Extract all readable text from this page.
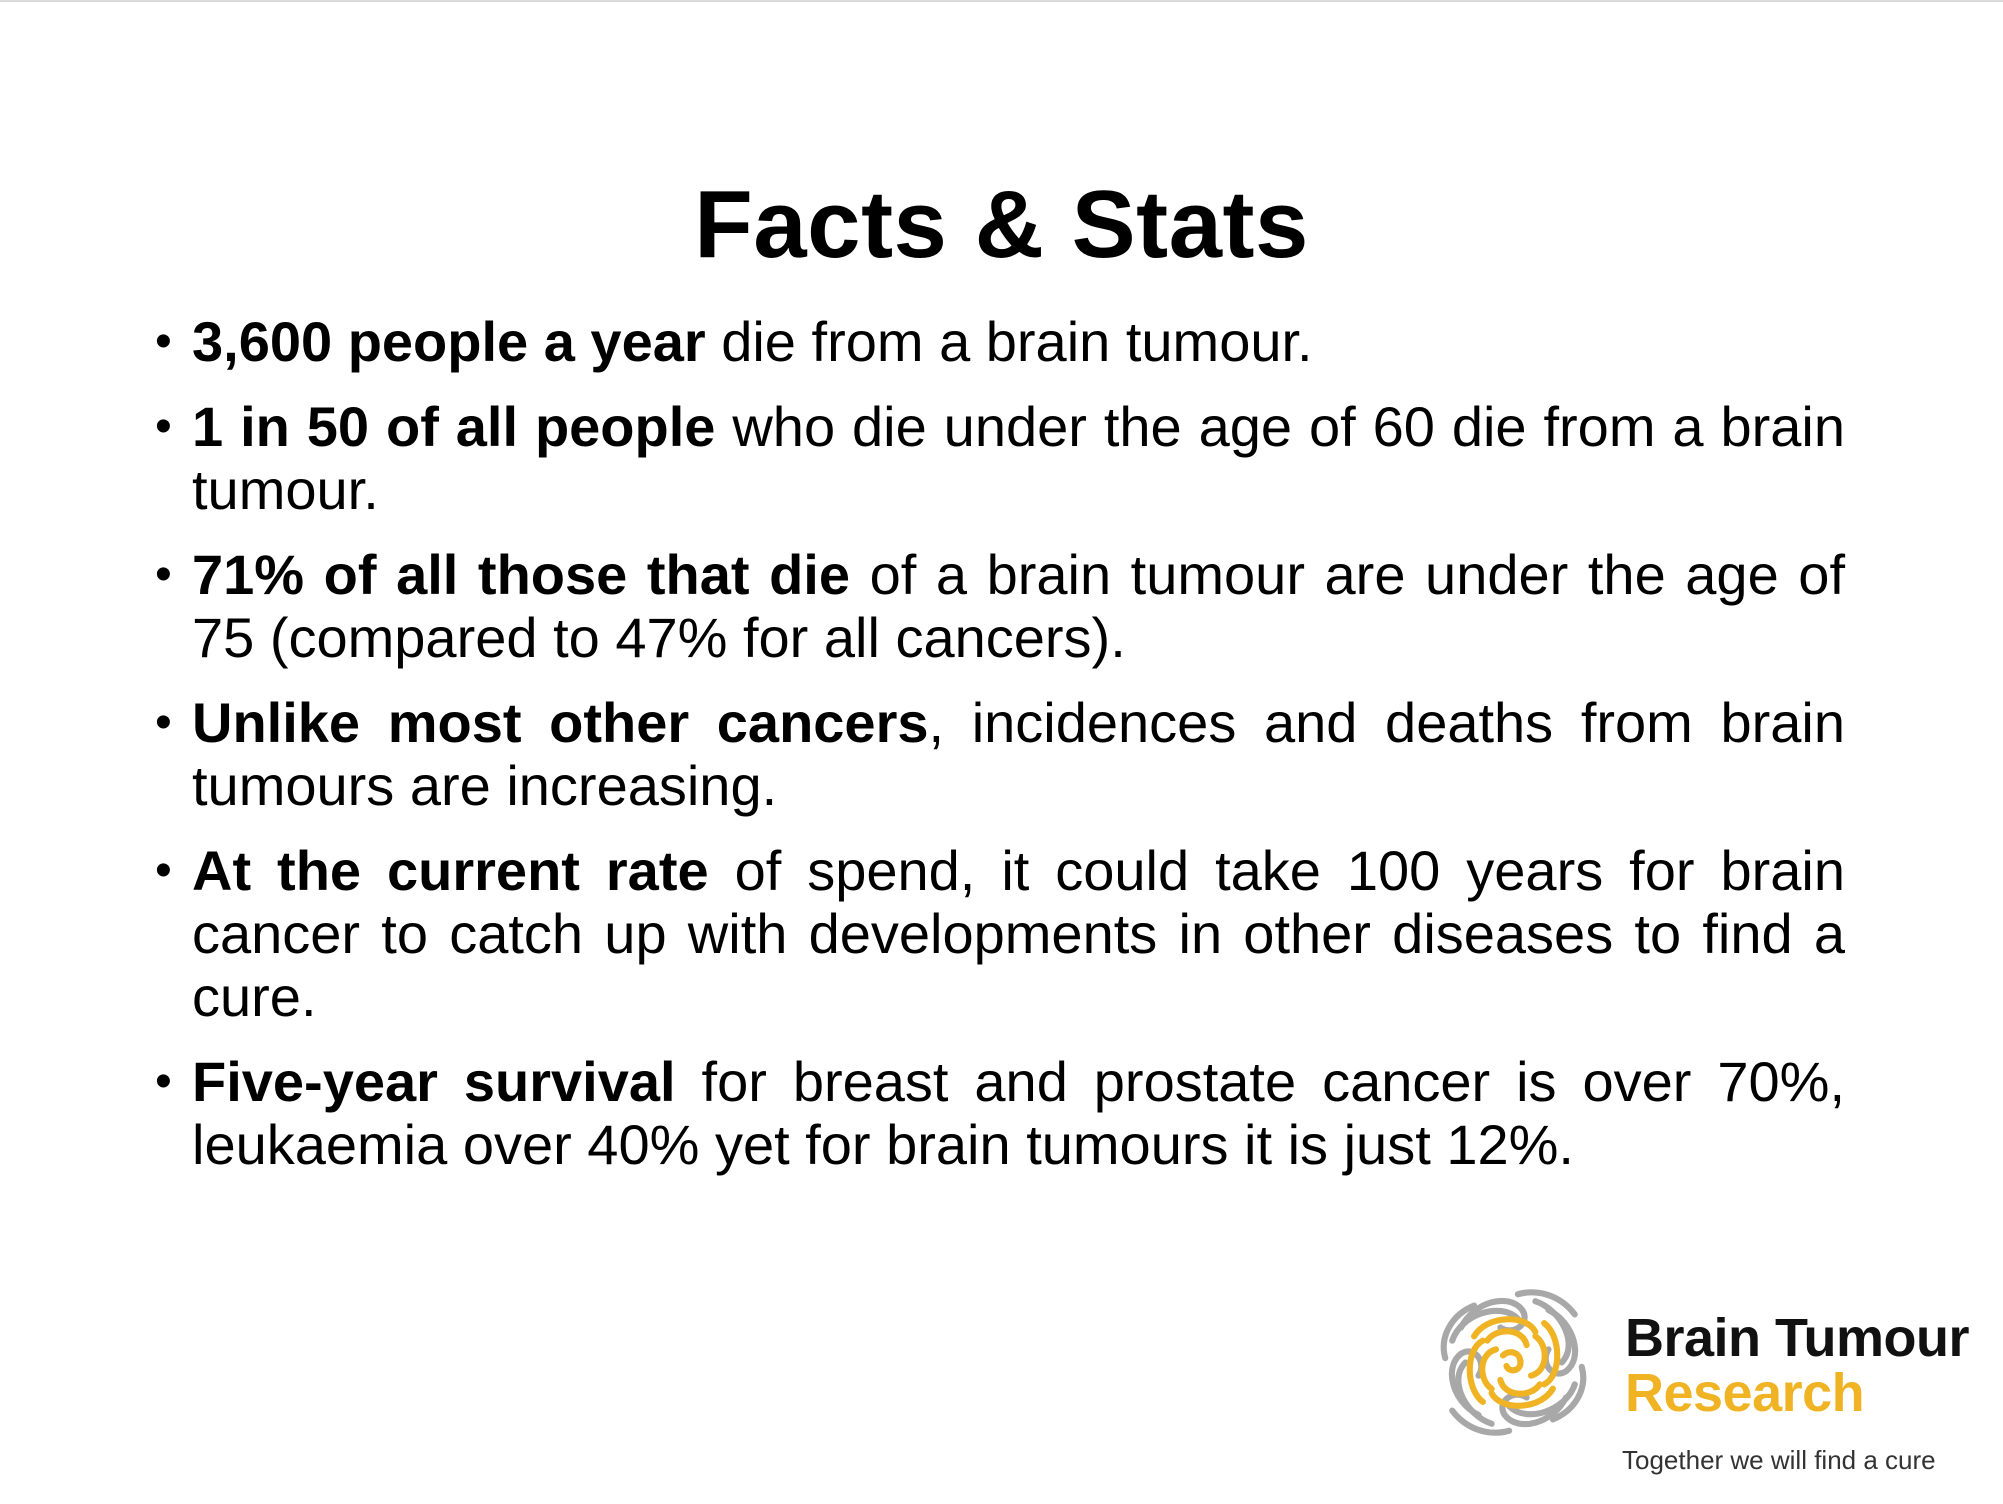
Facts & Stats
• 3,600 people a year die from a brain tumour.
• 1 in 50 of all people who die under the age of 60 die from a brain tumour.
• 71% of all those that die of a brain tumour are under the age of 75 (compared to 47% for all cancers).
• Unlike most other cancers, incidences and deaths from brain tumours are increasing.
• At the current rate of spend, it could take 100 years for brain cancer to catch up with developments in other diseases to find a cure.
• Five-year survival for breast and prostate cancer is over 70%, leukaemia over 40% yet for brain tumours it is just 12%.
Brain Tumour
Research
Together we will find a cure
